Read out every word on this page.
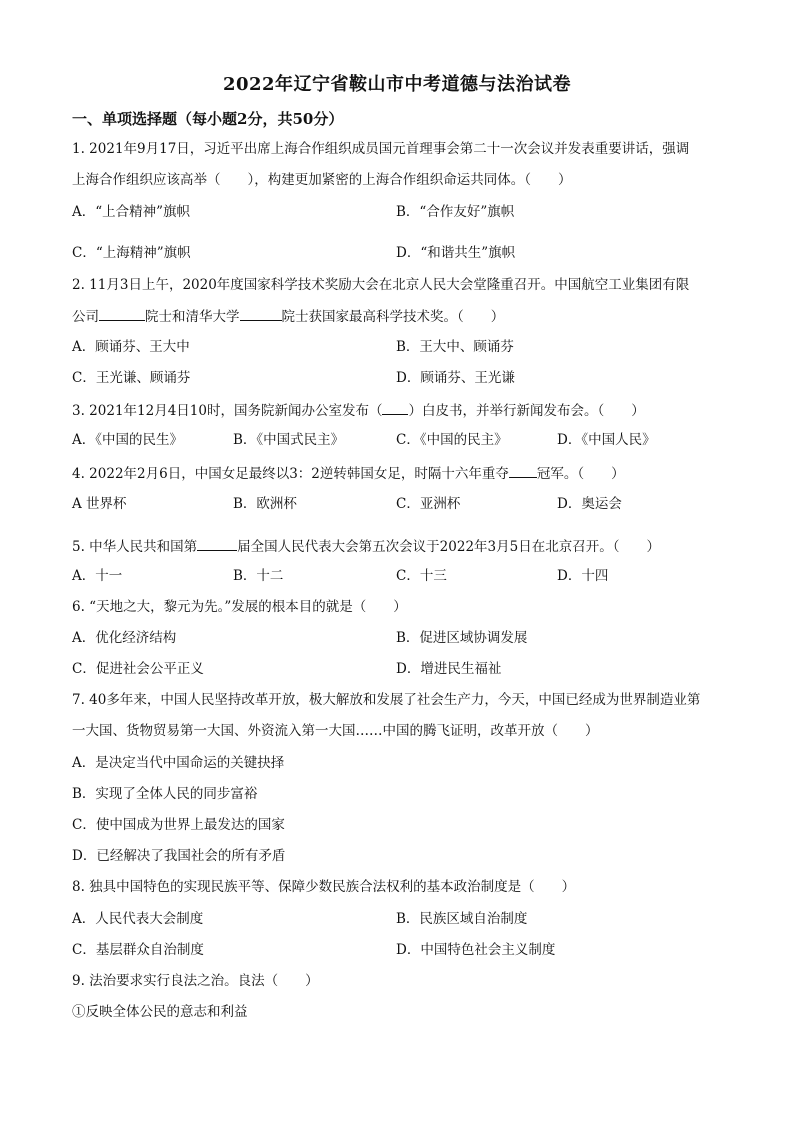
2022年辽宁省鞍山市中考道德与法治试卷
一、单项选择题（每小题2分，共50分）
1. 2021年9月17日，习近平出席上海合作组织成员国元首理事会第二十一次会议并发表重要讲话，强调
上海合作组织应该高举（　　），构建更加紧密的上海合作组织命运共同体。（　　）
A．“上合精神”旗帜	B．“合作友好”旗帜
C．“上海精神”旗帜	D．“和谐共生”旗帜
2. 11月3日上午，2020年度国家科学技术奖励大会在北京人民大会堂隆重召开。中国航空工业集团有限
公司	院士和清华大学	院士获国家最高科学技术奖。（　　）
A．顾诵芬、王大中	B．王大中、顾诵芬
C．王光谦、顾诵芬	D．顾诵芬、王光谦
3. 2021年12月4日10时，国务院新闻办公室发布（ ）白皮书，并举行新闻发布会。（　　）
A．《中国的民生》	B．《中国式民主》	C．《中国的民主》	D．《中国人民》
4. 2022年2月6日，中国女足最终以3：2逆转韩国女足，时隔十六年重夺 冠军。（　　）
A 世界杯	B．欧洲杯	C．亚洲杯	D．奥运会
5. 中华人民共和国第	届全国人民代表大会第五次会议于2022年3月5日在北京召开。（　　）
A．十一	B．十二	C．十三	D．十四
6. “天地之大，黎元为先。”发展的根本目的就是（　　）
A．优化经济结构	B．促进区域协调发展
C．促进社会公平正义	D．增进民生福祉
7. 40多年来，中国人民坚持改革开放，极大解放和发展了社会生产力，今天，中国已经成为世界制造业第
一大国、货物贸易第一大国、外资流入第一大国……中国的腾飞证明，改革开放（　　）
A．是决定当代中国命运的关键抉择
B．实现了全体人民的同步富裕
C．使中国成为世界上最发达的国家
D．已经解决了我国社会的所有矛盾
8. 独具中国特色的实现民族平等、保障少数民族合法权利的基本政治制度是（　　）
A．人民代表大会制度	B．民族区域自治制度
C．基层群众自治制度	D．中国特色社会主义制度
9. 法治要求实行良法之治。良法（　　）
①反映全体公民的意志和利益
